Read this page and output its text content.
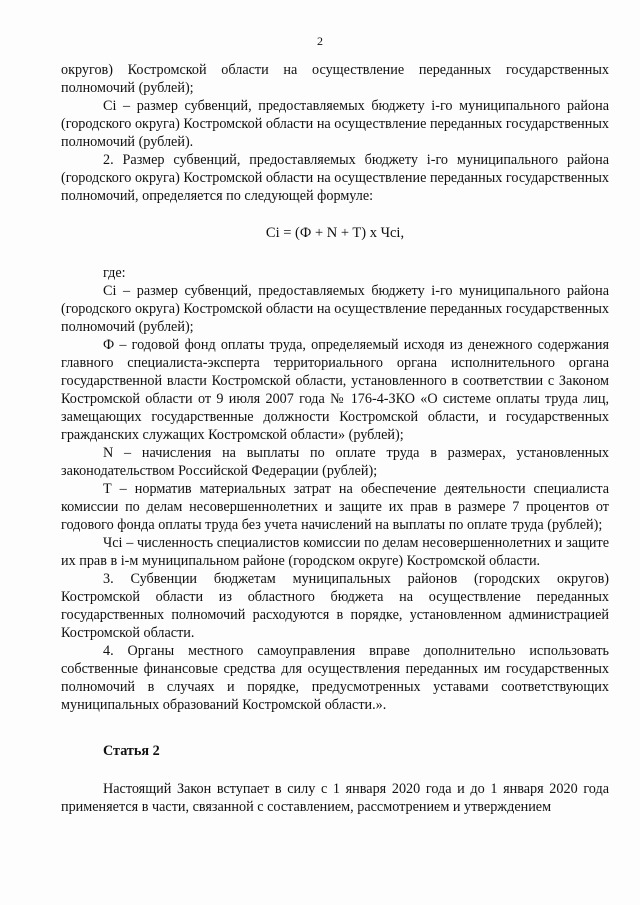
2

округов) Костромской области на осуществление переданных государственных полномочий (рублей);

Ci – размер субвенций, предоставляемых бюджету i-го муниципального района (городского округа) Костромской области на осуществление переданных государственных полномочий (рублей).

2. Размер субвенций, предоставляемых бюджету i-го муниципального района (городского округа) Костромской области на осуществление переданных государственных полномочий, определяется по следующей формуле:

Ci = (Ф + N + T) x Чсi,

где:

Ci – размер субвенций, предоставляемых бюджету i-го муниципального района (городского округа) Костромской области на осуществление переданных государственных полномочий (рублей);

Ф – годовой фонд оплаты труда, определяемый исходя из денежного содержания главного специалиста-эксперта территориального органа исполнительного органа государственной власти Костромской области, установленного в соответствии с Законом Костромской области от 9 июля 2007 года № 176-4-ЗКО «О системе оплаты труда лиц, замещающих государственные должности Костромской области, и государственных гражданских служащих Костромской области» (рублей);

N – начисления на выплаты по оплате труда в размерах, установленных законодательством Российской Федерации (рублей);

Т – норматив материальных затрат на обеспечение деятельности специалиста комиссии по делам несовершеннолетних и защите их прав в размере 7 процентов от годового фонда оплаты труда без учета начислений на выплаты по оплате труда (рублей);

Чсi – численность специалистов комиссии по делам несовершеннолетних и защите их прав в i-м муниципальном районе (городском округе) Костромской области.

3. Субвенции бюджетам муниципальных районов (городских округов) Костромской области из областного бюджета на осуществление переданных государственных полномочий расходуются в порядке, установленном администрацией Костромской области.

4. Органы местного самоуправления вправе дополнительно использовать собственные финансовые средства для осуществления переданных им государственных полномочий в случаях и порядке, предусмотренных уставами соответствующих муниципальных образований Костромской области.».

Статья 2

Настоящий Закон вступает в силу с 1 января 2020 года и до 1 января 2020 года применяется в части, связанной с составлением, рассмотрением и утверждением
